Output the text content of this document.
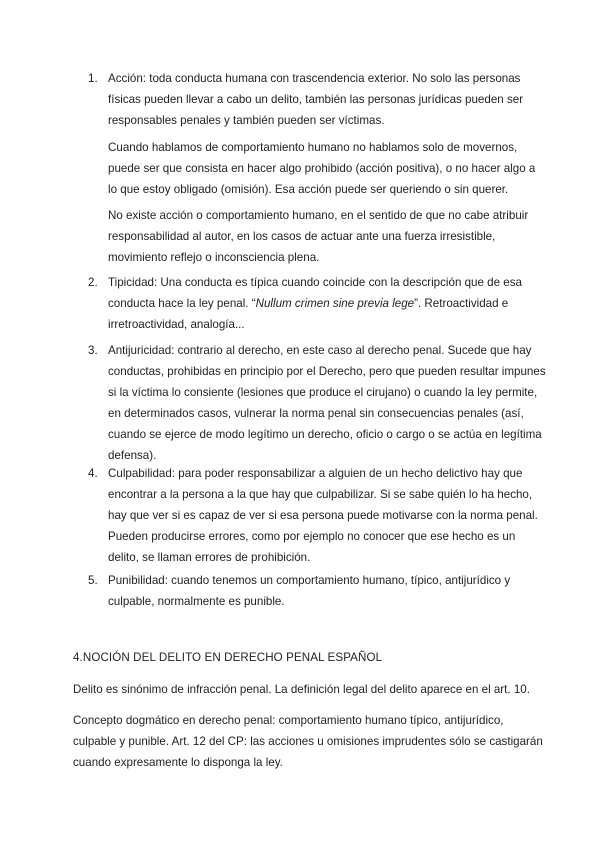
1. Acción: toda conducta humana con trascendencia exterior. No solo las personas
físicas pueden llevar a cabo un delito, también las personas jurídicas pueden ser
responsables penales y también pueden ser víctimas.

Cuando hablamos de comportamiento humano no hablamos solo de movernos,
puede ser que consista en hacer algo prohibido (acción positiva), o no hacer algo a
lo que estoy obligado (omisión). Esa acción puede ser queriendo o sin querer.

No existe acción o comportamiento humano, en el sentido de que no cabe atribuir
responsabilidad al autor, en los casos de actuar ante una fuerza irresistible,
movimiento reflejo o inconsciencia plena.

2. Tipicidad: Una conducta es típica cuando coincide con la descripción que de esa
conducta hace la ley penal. “Nullum crimen sine previa lege”. Retroactividad e
irretroactividad, analogía...

3. Antijuricidad: contrario al derecho, en este caso al derecho penal. Sucede que hay
conductas, prohibidas en principio por el Derecho, pero que pueden resultar impunes
si la víctima lo consiente (lesiones que produce el cirujano) o cuando la ley permite,
en determinados casos, vulnerar la norma penal sin consecuencias penales (así,
cuando se ejerce de modo legítimo un derecho, oficio o cargo o se actúa en legítima
defensa).

4. Culpabilidad: para poder responsabilizar a alguien de un hecho delictivo hay que
encontrar a la persona a la que hay que culpabilizar. Si se sabe quién lo ha hecho,
hay que ver si es capaz de ver si esa persona puede motivarse con la norma penal.
Pueden producirse errores, como por ejemplo no conocer que ese hecho es un
delito, se llaman errores de prohibición.

5. Punibilidad: cuando tenemos un comportamiento humano, típico, antijurídico y
culpable, normalmente es punible.

4.NOCIÓN DEL DELITO EN DERECHO PENAL ESPAÑOL

Delito es sinónimo de infracción penal. La definición legal del delito aparece en el art. 10.

Concepto dogmático en derecho penal: comportamiento humano típico, antijurídico,
culpable y punible. Art. 12 del CP: las acciones u omisiones imprudentes sólo se castigarán
cuando expresamente lo disponga la ley.
